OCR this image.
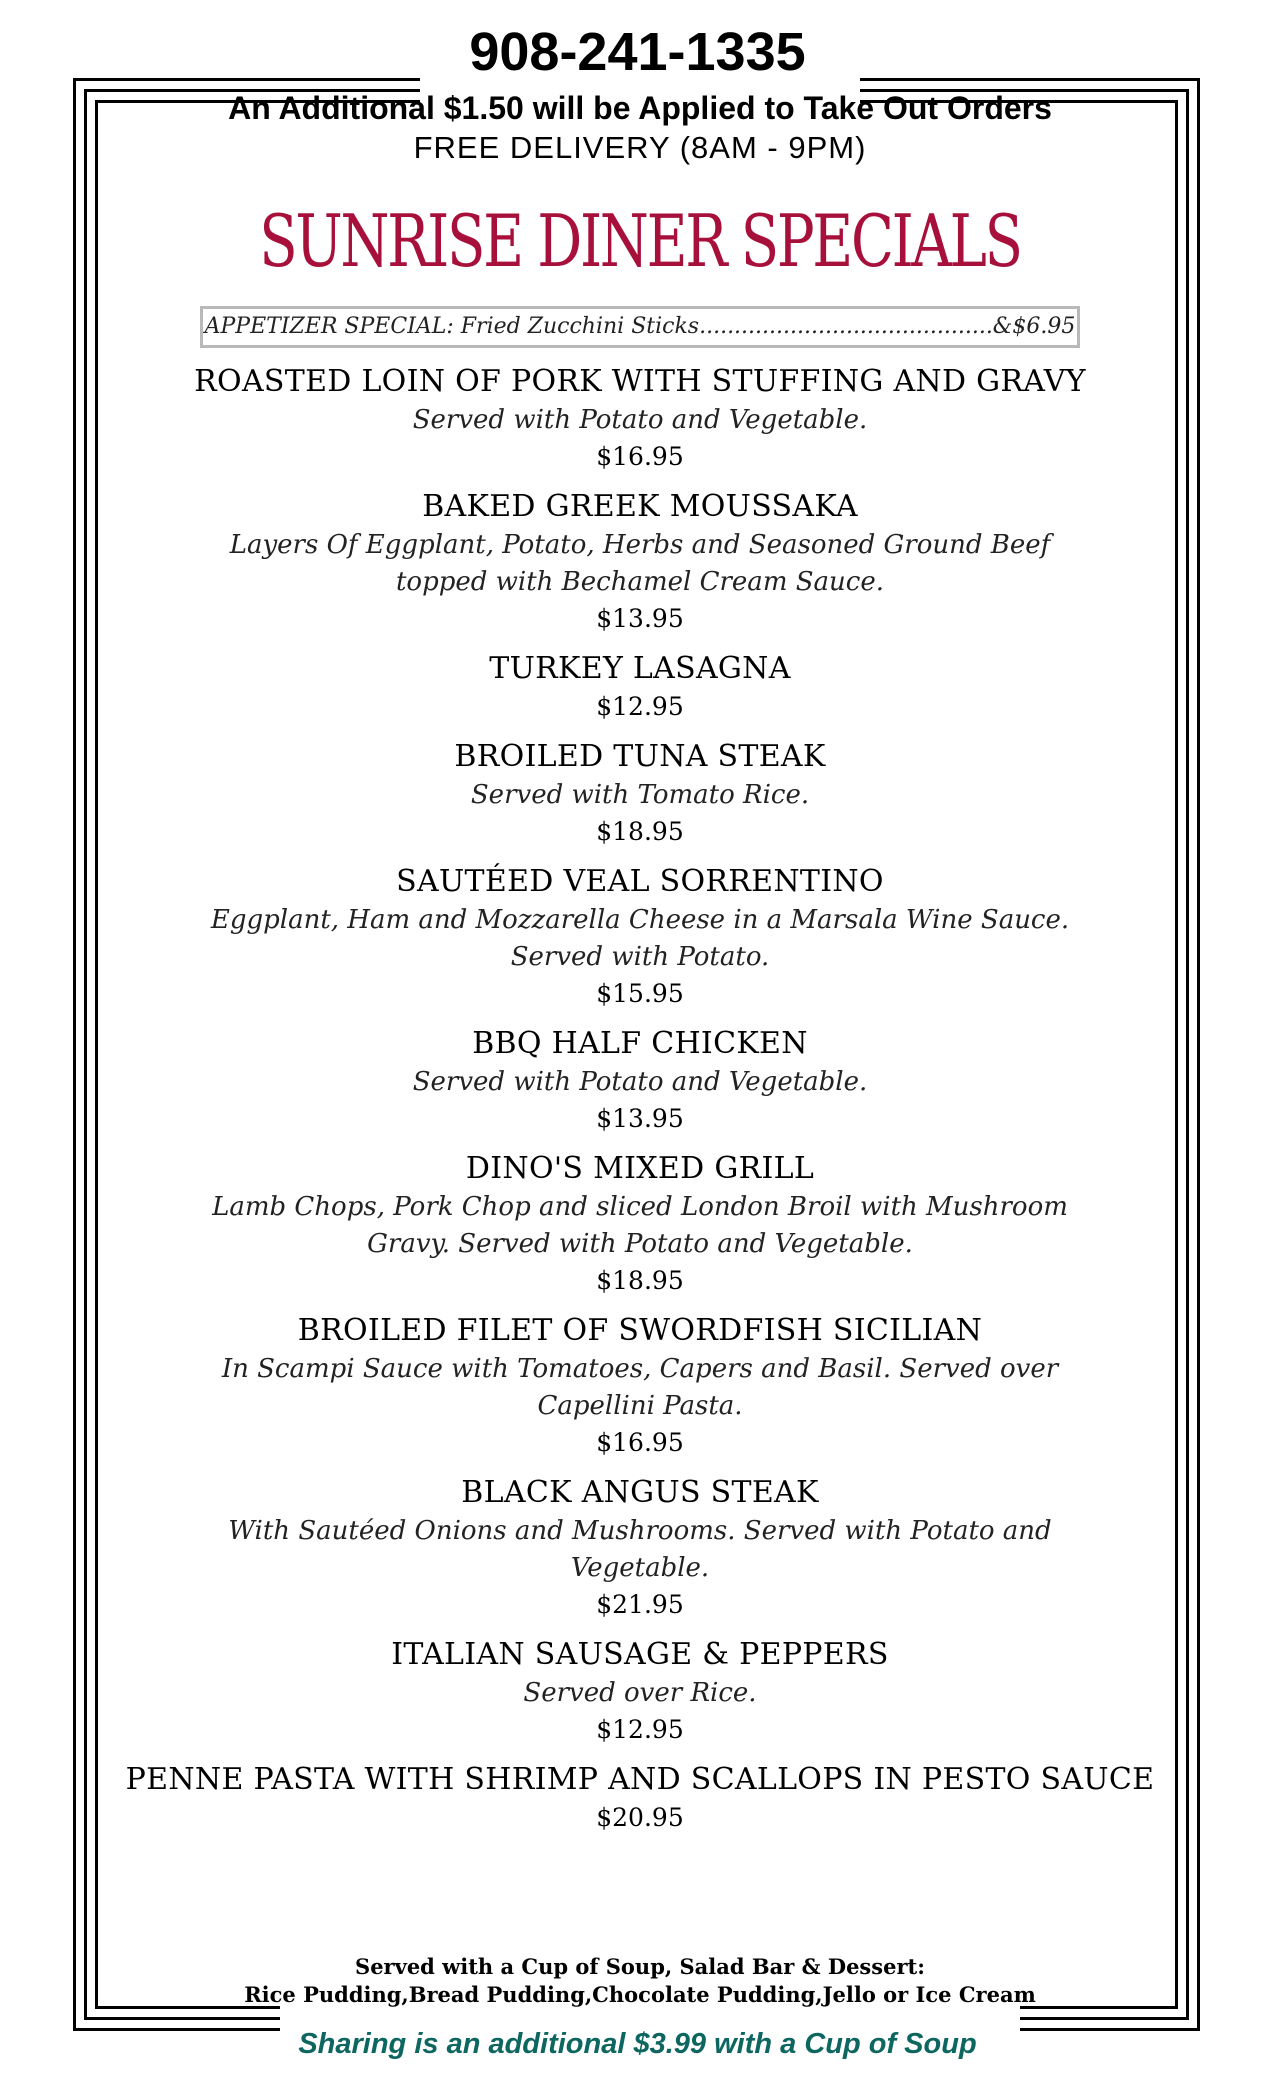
908-241-1335
An Additional $1.50 will be Applied to Take Out Orders
FREE DELIVERY (8AM - 9PM)
SUNRISE DINER SPECIALS
APPETIZER SPECIAL: Fried Zucchini Sticks..........................................&$6.95
ROASTED LOIN OF PORK WITH STUFFING AND GRAVY
Served with Potato and Vegetable.
$16.95
BAKED GREEK MOUSSAKA
Layers Of Eggplant, Potato, Herbs and Seasoned Ground Beef topped with Bechamel Cream Sauce.
$13.95
TURKEY LASAGNA
$12.95
BROILED TUNA STEAK
Served with Tomato Rice.
$18.95
SAUTÉED VEAL SORRENTINO
Eggplant, Ham and Mozzarella Cheese in a Marsala Wine Sauce. Served with Potato.
$15.95
BBQ HALF CHICKEN
Served with Potato and Vegetable.
$13.95
DINO'S MIXED GRILL
Lamb Chops, Pork Chop and sliced London Broil with Mushroom Gravy. Served with Potato and Vegetable.
$18.95
BROILED FILET OF SWORDFISH SICILIAN
In Scampi Sauce with Tomatoes, Capers and Basil. Served over Capellini Pasta.
$16.95
BLACK ANGUS STEAK
With Sautéed Onions and Mushrooms. Served with Potato and Vegetable.
$21.95
ITALIAN SAUSAGE & PEPPERS
Served over Rice.
$12.95
PENNE PASTA WITH SHRIMP AND SCALLOPS IN PESTO SAUCE
$20.95
Served with a Cup of Soup, Salad Bar & Dessert:
Rice Pudding,Bread Pudding,Chocolate Pudding,Jello or Ice Cream
Sharing is an additional $3.99 with a Cup of Soup
